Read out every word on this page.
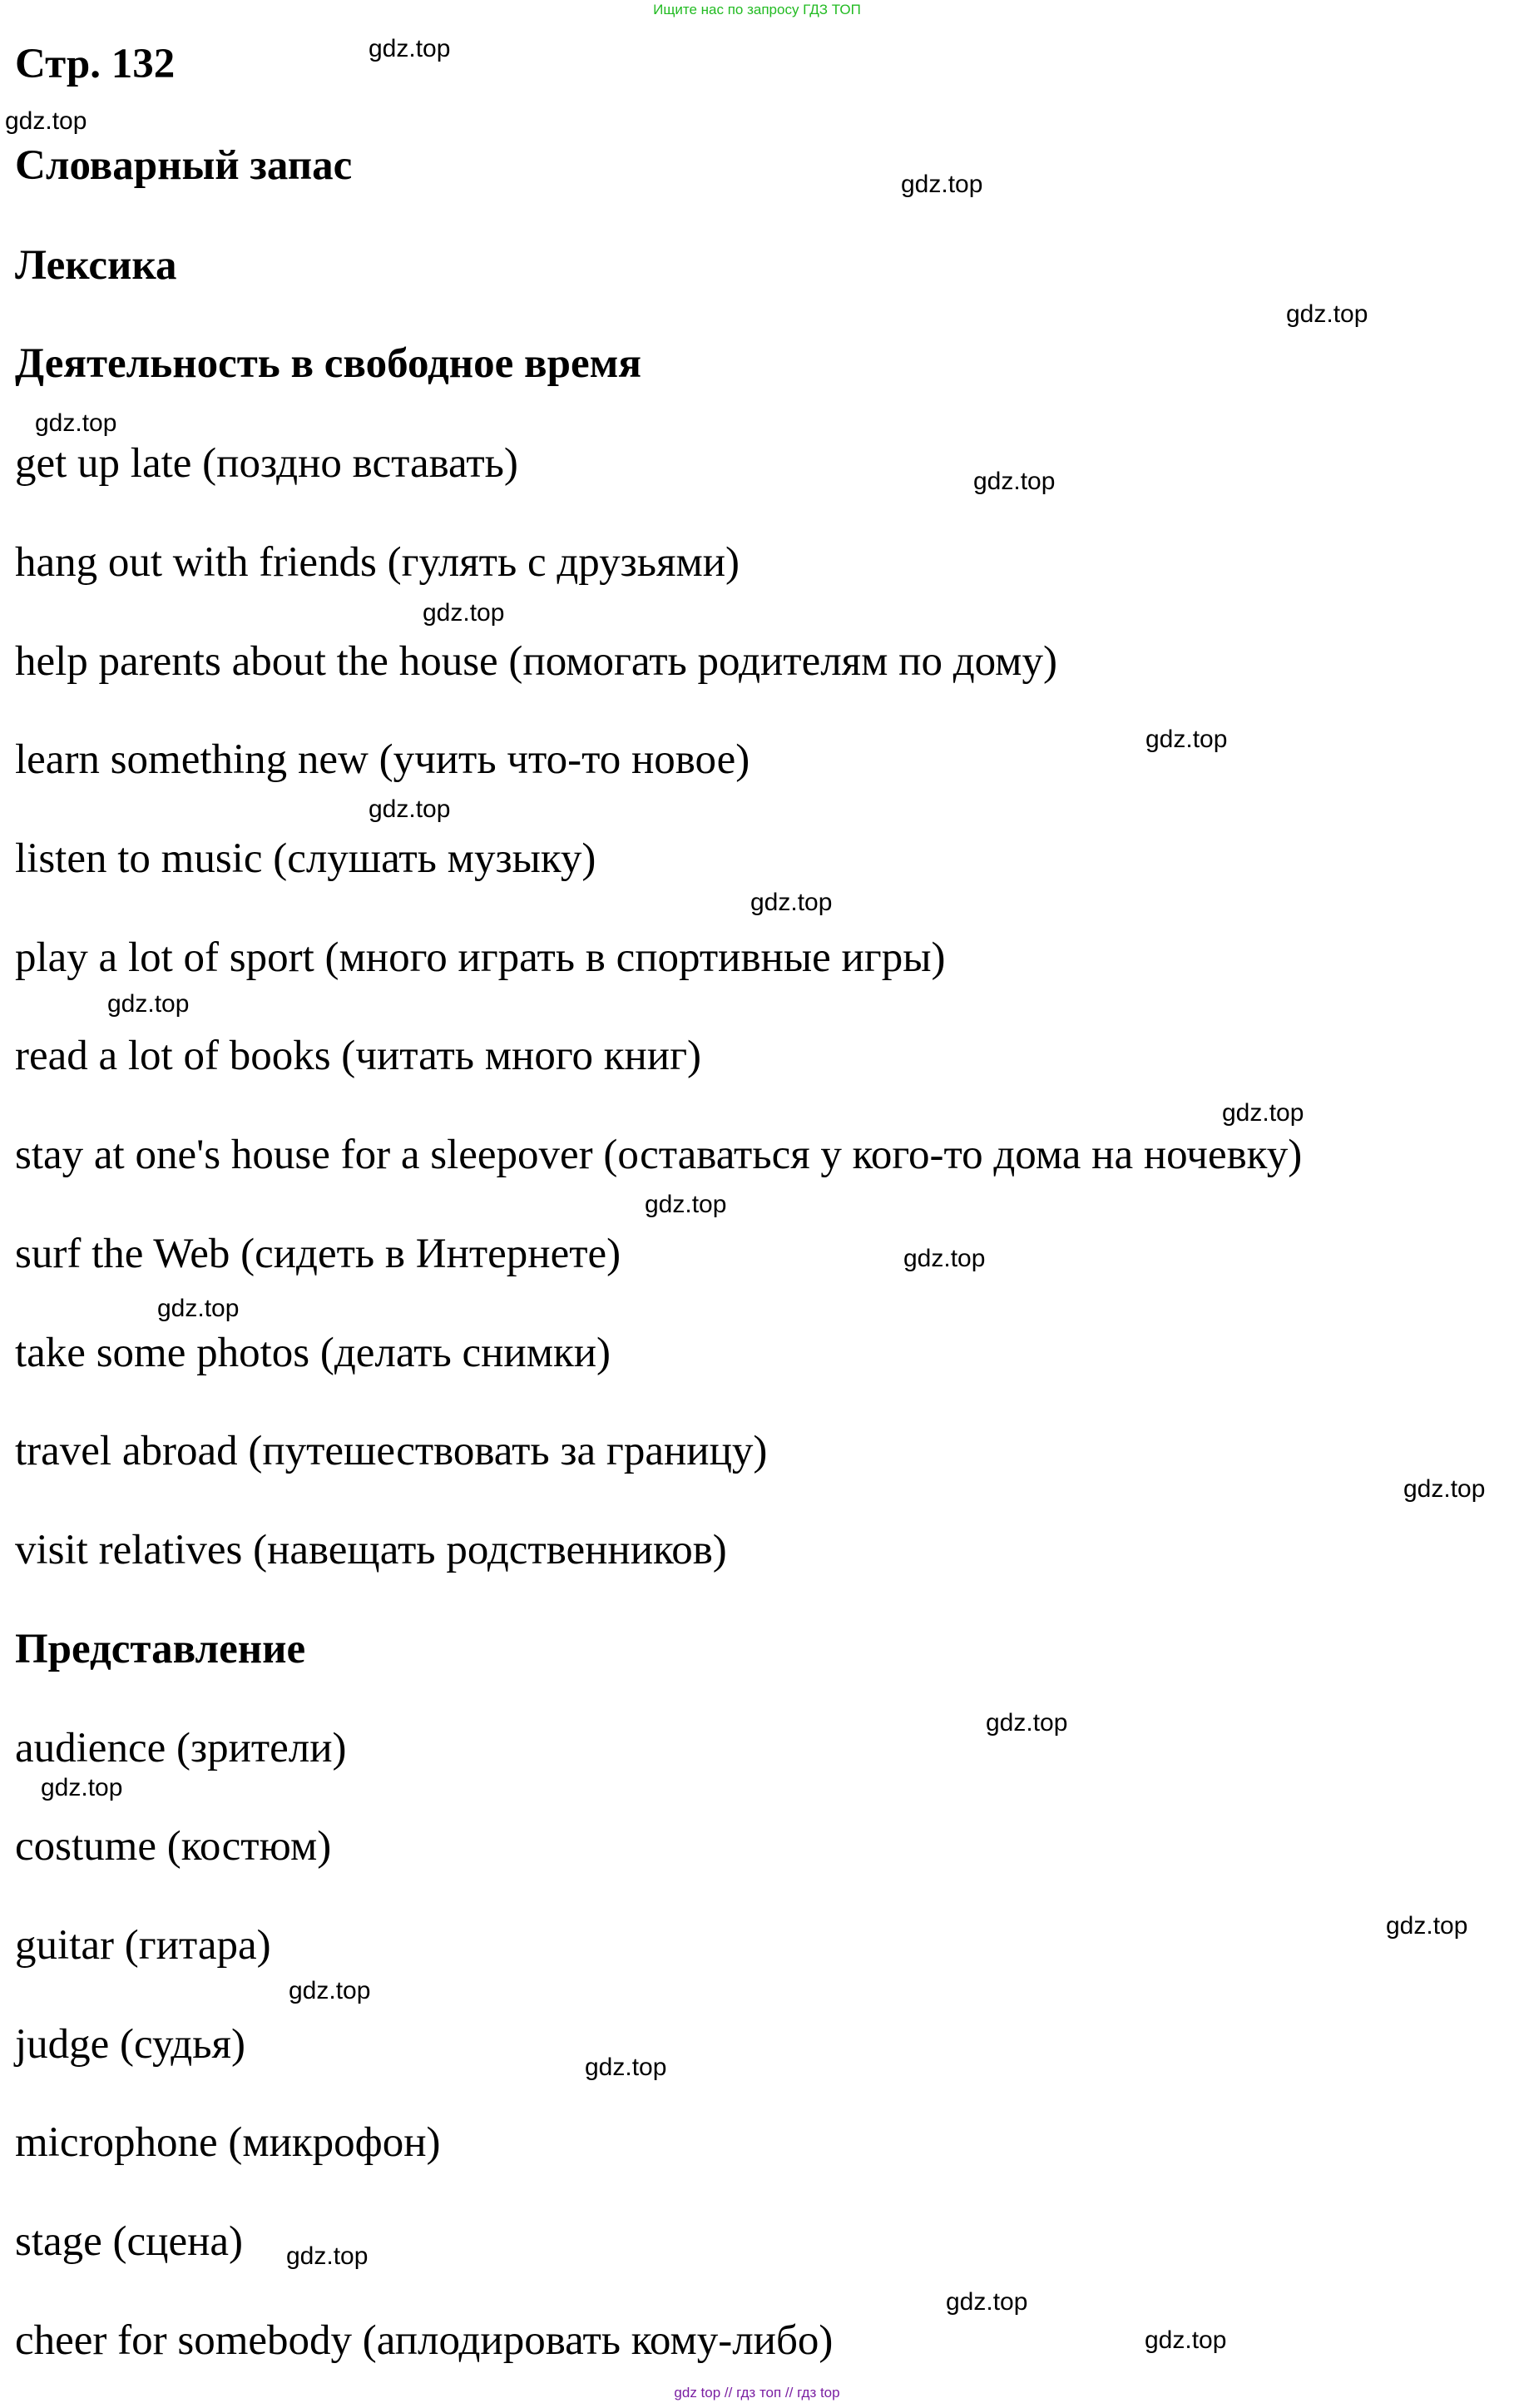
Ищите нас по запросу ГДЗ ТОП
Стр. 132
Словарный запас
Лексика
Деятельность в свободное время
get up late (поздно вставать)
hang out with friends (гулять с друзьями)
help parents about the house (помогать родителям по дому)
learn something new (учить что-то новое)
listen to music (слушать музыку)
play a lot of sport (много играть в спортивные игры)
read a lot of books (читать много книг)
stay at one's house for a sleepover (оставаться у кого-то дома на ночевку)
surf the Web (сидеть в Интернете)
take some photos (делать снимки)
travel abroad (путешествовать за границу)
visit relatives (навещать родственников)
Представление
audience (зрители)
costume (костюм)
guitar (гитара)
judge (судья)
microphone (микрофон)
stage (сцена)
cheer for somebody (аплодировать кому-либо)
gdz.top
gdz.top
gdz.top
gdz.top
gdz.top
gdz.top
gdz.top
gdz.top
gdz.top
gdz.top
gdz.top
gdz.top
gdz.top
gdz.top
gdz.top
gdz.top
gdz.top
gdz.top
gdz.top
gdz.top
gdz.top
gdz.top
gdz.top
gdz.top
gdz top // гдз топ // гдз top
